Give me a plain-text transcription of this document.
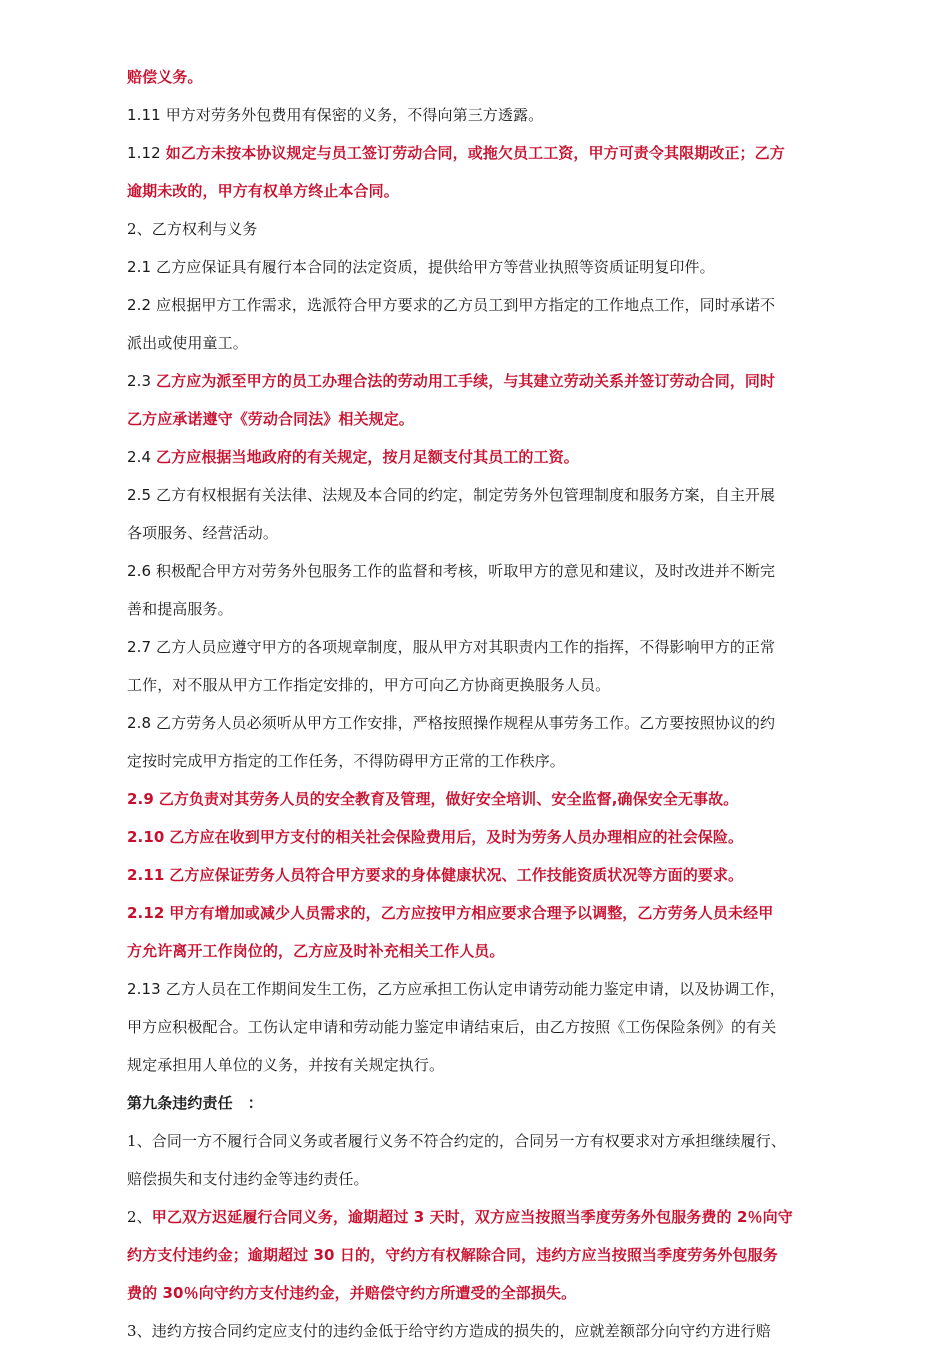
赔偿义务。
1.11 甲方对劳务外包费用有保密的义务，不得向第三方透露。
1.12 如乙方未按本协议规定与员工签订劳动合同，或拖欠员工工资，甲方可责令其限期改正；乙方
逾期未改的，甲方有权单方终止本合同。
2、乙方权利与义务
2.1 乙方应保证具有履行本合同的法定资质，提供给甲方等营业执照等资质证明复印件。
2.2 应根据甲方工作需求，选派符合甲方要求的乙方员工到甲方指定的工作地点工作，同时承诺不
派出或使用童工。
2.3 乙方应为派至甲方的员工办理合法的劳动用工手续，与其建立劳动关系并签订劳动合同，同时
乙方应承诺遵守《劳动合同法》相关规定。
2.4 乙方应根据当地政府的有关规定，按月足额支付其员工的工资。
2.5 乙方有权根据有关法律、法规及本合同的约定，制定劳务外包管理制度和服务方案，自主开展
各项服务、经营活动。
2.6 积极配合甲方对劳务外包服务工作的监督和考核，听取甲方的意见和建议，及时改进并不断完
善和提高服务。
2.7 乙方人员应遵守甲方的各项规章制度，服从甲方对其职责内工作的指挥，不得影响甲方的正常
工作，对不服从甲方工作指定安排的，甲方可向乙方协商更换服务人员。
2.8 乙方劳务人员必须听从甲方工作安排，严格按照操作规程从事劳务工作。乙方要按照协议的约
定按时完成甲方指定的工作任务，不得防碍甲方正常的工作秩序。
2.9 乙方负责对其劳务人员的安全教育及管理，做好安全培训、安全监督,确保安全无事故。
2.10 乙方应在收到甲方支付的相关社会保险费用后，及时为劳务人员办理相应的社会保险。
2.11 乙方应保证劳务人员符合甲方要求的身体健康状况、工作技能资质状况等方面的要求。
2.12 甲方有增加或减少人员需求的，乙方应按甲方相应要求合理予以调整，乙方劳务人员未经甲
方允许离开工作岗位的，乙方应及时补充相关工作人员。
2.13 乙方人员在工作期间发生工伤，乙方应承担工伤认定申请劳动能力鉴定申请，以及协调工作，
甲方应积极配合。工伤认定申请和劳动能力鉴定申请结束后，由乙方按照《工伤保险条例》的有关
规定承担用人单位的义务，并按有关规定执行。
第九条违约责任　：
1、合同一方不履行合同义务或者履行义务不符合约定的，合同另一方有权要求对方承担继续履行、
赔偿损失和支付违约金等违约责任。
2、甲乙双方迟延履行合同义务，逾期超过 3 天时，双方应当按照当季度劳务外包服务费的 2％向守
约方支付违约金；逾期超过 30 日的，守约方有权解除合同，违约方应当按照当季度劳务外包服务
费的 30％向守约方支付违约金，并赔偿守约方所遭受的全部损失。
3、违约方按合同约定应支付的违约金低于给守约方造成的损失的，应就差额部分向守约方进行赔
